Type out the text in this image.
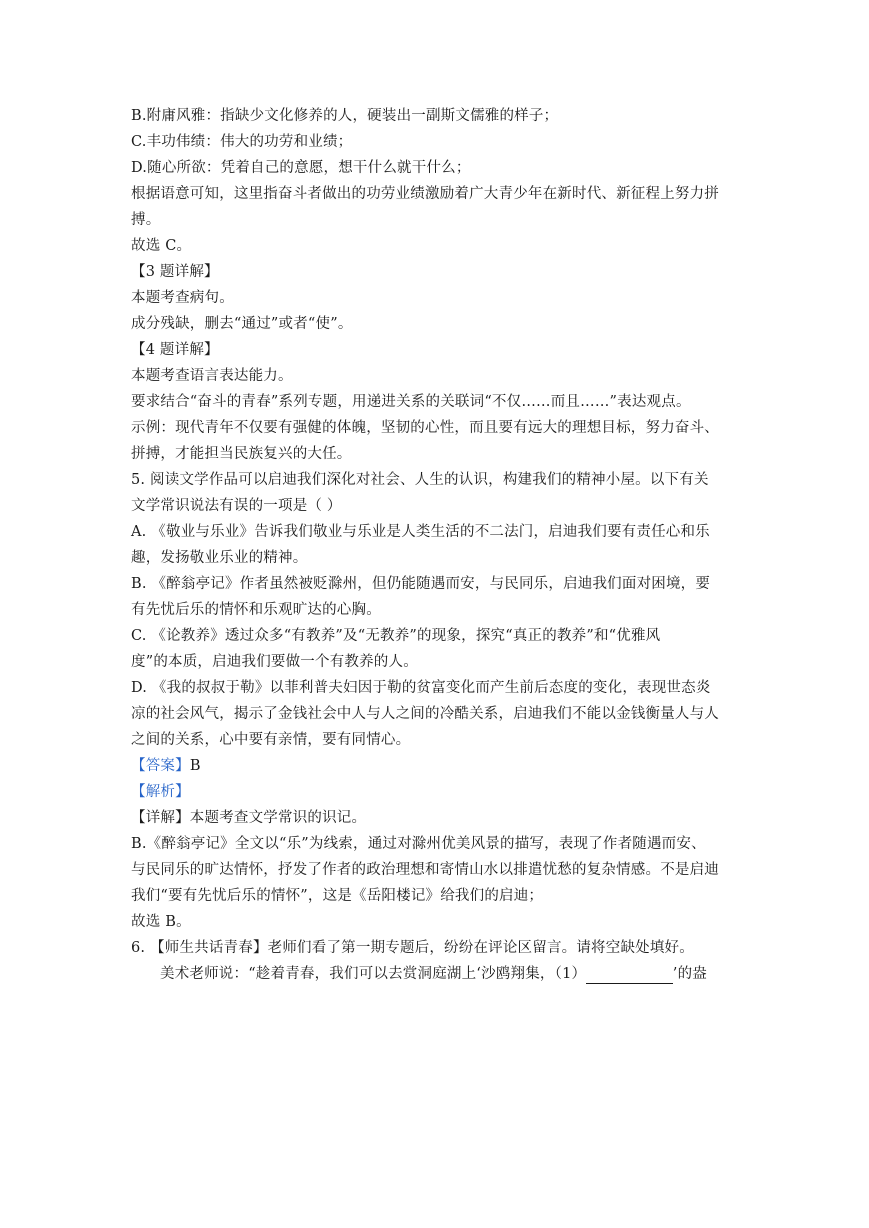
B.附庸风雅：指缺少文化修养的人，硬装出一副斯文儒雅的样子；
C.丰功伟绩：伟大的功劳和业绩；
D.随心所欲：凭着自己的意愿，想干什么就干什么；
根据语意可知，这里指奋斗者做出的功劳业绩激励着广大青少年在新时代、新征程上努力拼
搏。
故选 C。
【3 题详解】
本题考查病句。
成分残缺，删去“通过”或者“使”。
【4 题详解】
本题考查语言表达能力。
要求结合“奋斗的青春”系列专题，用递进关系的关联词“不仅……而且……”表达观点。
示例：现代青年不仅要有强健的体魄，坚韧的心性，而且要有远大的理想目标，努力奋斗、
拼搏，才能担当民族复兴的大任。
5. 阅读文学作品可以启迪我们深化对社会、人生的认识，构建我们的精神小屋。以下有关
文学常识说法有误的一项是（ ）
A. 《敬业与乐业》告诉我们敬业与乐业是人类生活的不二法门，启迪我们要有责任心和乐
趣，发扬敬业乐业的精神。
B. 《醉翁亭记》作者虽然被贬滁州，但仍能随遇而安，与民同乐，启迪我们面对困境，要
有先忧后乐的情怀和乐观旷达的心胸。
C. 《论教养》透过众多“有教养”及“无教养”的现象，探究“真正的教养”和“优雅风
度”的本质，启迪我们要做一个有教养的人。
D. 《我的叔叔于勒》以菲利普夫妇因于勒的贫富变化而产生前后态度的变化，表现世态炎
凉的社会风气，揭示了金钱社会中人与人之间的冷酷关系，启迪我们不能以金钱衡量人与人
之间的关系，心中要有亲情，要有同情心。
【答案】B
【解析】
【详解】本题考查文学常识的识记。
B.《醉翁亭记》全文以“乐”为线索，通过对滁州优美风景的描写，表现了作者随遇而安、
与民同乐的旷达情怀，抒发了作者的政治理想和寄情山水以排遣忧愁的复杂情感。不是启迪
我们“要有先忧后乐的情怀”，这是《岳阳楼记》给我们的启迪；
故选 B。
6. 【师生共话青春】老师们看了第一期专题后，纷纷在评论区留言。请将空缺处填好。
美术老师说：“趁着青春，我们可以去赏洞庭湖上‘沙鸥翔集，（1）	’的盎
